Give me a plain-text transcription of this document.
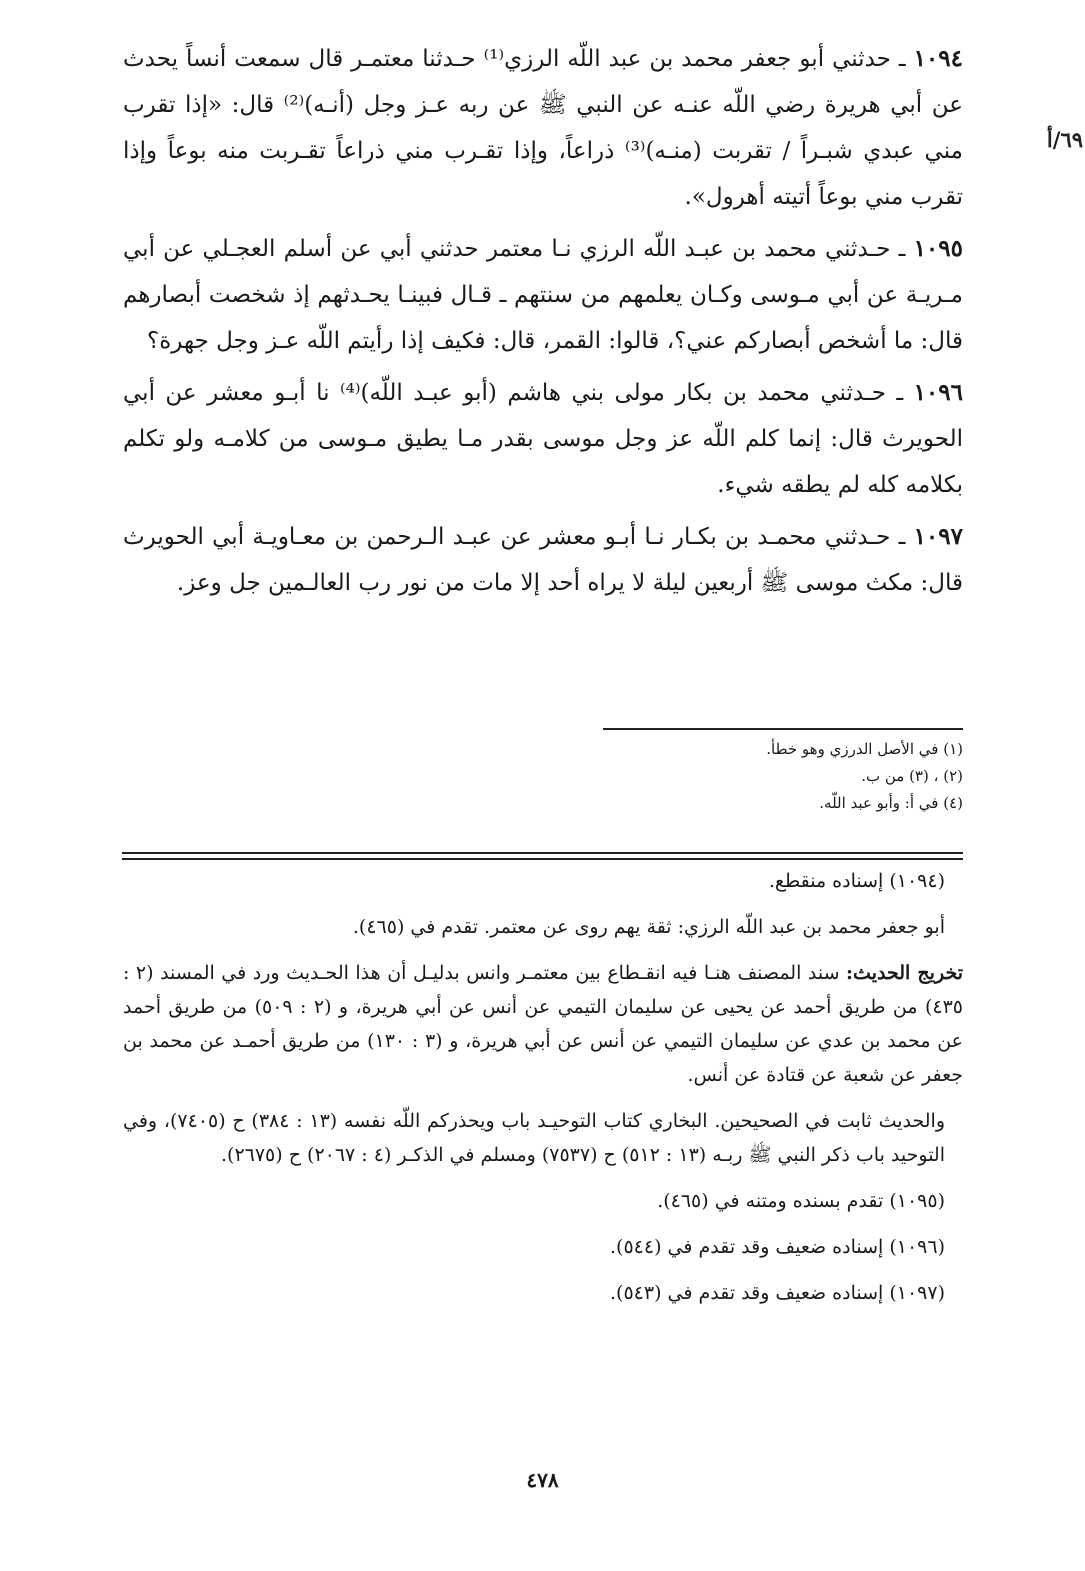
٦٩/أ

١٠٩٤ ـ حدثني أبو جعفر محمد بن عبد اللّه الرزي⁽¹⁾ حـدثنا معتمـر قال سمعت أنساً يحدث عن أبي هريرة رضي اللّه عنـه عن النبي ﷺ عن ربه عـز وجل (أنـه)⁽²⁾ قال: «إذا تقرب مني عبدي شبـراً / تقربت (منـه)⁽³⁾ ذراعاً، وإذا تقـرب مني ذراعاً تقـربت منه بوعاً وإذا تقرب مني بوعاً أتيته أهرول».

١٠٩٥ ـ حـدثني محمد بن عبـد اللّه الرزي نـا معتمر حدثني أبي عن أسلم العجـلي عن أبي مـريـة عن أبي مـوسى وكـان يعلمهم من سنتهم ـ قـال فبينـا يحـدثهم إذ شخصت أبصارهم قال: ما أشخص أبصاركم عني؟، قالوا: القمر، قال: فكيف إذا رأيتم اللّه عـز وجل جهرة؟

١٠٩٦ ـ حـدثني محمد بن بكار مولى بني هاشم (أبو عبـد اللّه)⁽⁴⁾ نا أبـو معشر عن أبي الحويرث قال: إنما كلم اللّه عز وجل موسى بقدر مـا يطيق مـوسى من كلامـه ولو تكلم بكلامه كله لم يطقه شيء.

١٠٩٧ ـ حـدثني محمـد بن بكـار نـا أبـو معشر عن عبـد الـرحمن بن معـاويـة أبي الحويرث قال: مكث موسى ﷺ أربعين ليلة لا يراه أحد إلا مات من نور رب العالـمين جل وعز.

(١) في الأصل الدرزي وهو خطأ.
(٢) ، (٣) من ب.
(٤) في أ: وأبو عبد اللّه.

(١٠٩٤) إسناده منقطع.

أبو جعفر محمد بن عبد اللّه الرزي: ثقة يهم روى عن معتمر. تقدم في (٤٦٥).

تخريج الحديث: سند المصنف هنـا فيه انقـطاع بين معتمـر وانس بدليـل أن هذا الحـديث ورد في المسند (٢ : ٤٣٥) من طريق أحمد عن يحيى عن سليمان التيمي عن أنس عن أبي هريرة، و (٢ : ٥٠٩) من طريق أحمد عن محمد بن عدي عن سليمان التيمي عن أنس عن أبي هريرة، و (٣ : ١٣٠) من طريق أحمـد عن محمد بن جعفر عن شعبة عن قتادة عن أنس.

والحديث ثابت في الصحيحين. البخاري كتاب التوحيـد باب ويحذركم اللّه نفسه (١٣ : ٣٨٤) ح (٧٤٠٥)، وفي التوحيد باب ذكر النبي ﷺ ربـه (١٣ : ٥١٢) ح (٧٥٣٧) ومسلم في الذكـر (٤ : ٢٠٦٧) ح (٢٦٧٥).

(١٠٩٥) تقدم بسنده ومتنه في (٤٦٥).

(١٠٩٦) إسناده ضعيف وقد تقدم في (٥٤٤).

(١٠٩٧) إسناده ضعيف وقد تقدم في (٥٤٣).

٤٧٨
